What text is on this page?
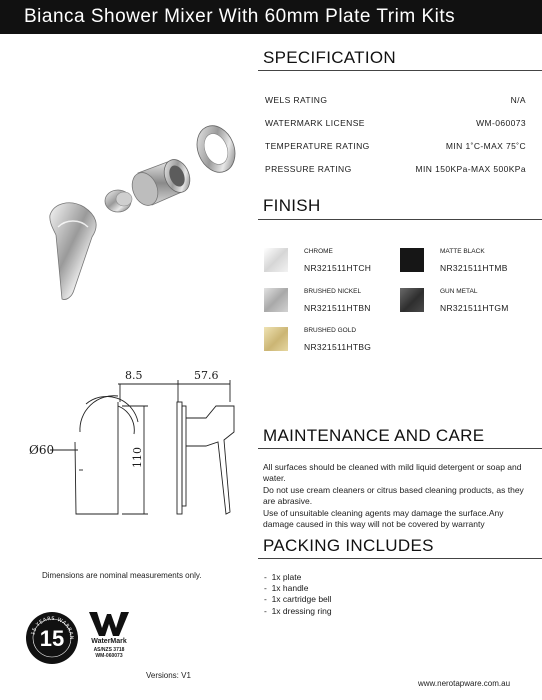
Bianca Shower Mixer With 60mm Plate Trim Kits
SPECIFICATION
WELS RATING	N/A
WATERMARK LICENSE	WM-060073
TEMPERATURE RATING	MIN 1˚C-MAX 75˚C
PRESSURE RATING	MIN 150KPa-MAX 500KPa
FINISH
CHROME
NR321511HTCH
MATTE BLACK
NR321511HTMB
BRUSHED NICKEL
NR321511HTBN
GUN METAL
NR321511HTGM
BRUSHED GOLD
NR321511HTBG
8.5	57.6
Ø60	110
MAINTENANCE AND CARE

All surfaces should be cleaned with mild liquid detergent or soap and water.

Do not use cream cleaners or citrus based cleaning products, as they are abrasive.

Use of unsuitable cleaning agents may damage the surface.Any damage caused in this way will not be covered by warranty

PACKING INCLUDES
-  1x plate
-  1x handle
-  1x cartridge bell
-  1x dressing ring
Dimensions are nominal measurements only.
15 YEARS WARRAN
15	WaterMark
AS/NZS 3718
WM-060073
Versions: V1
www.nerotapware.com.au
